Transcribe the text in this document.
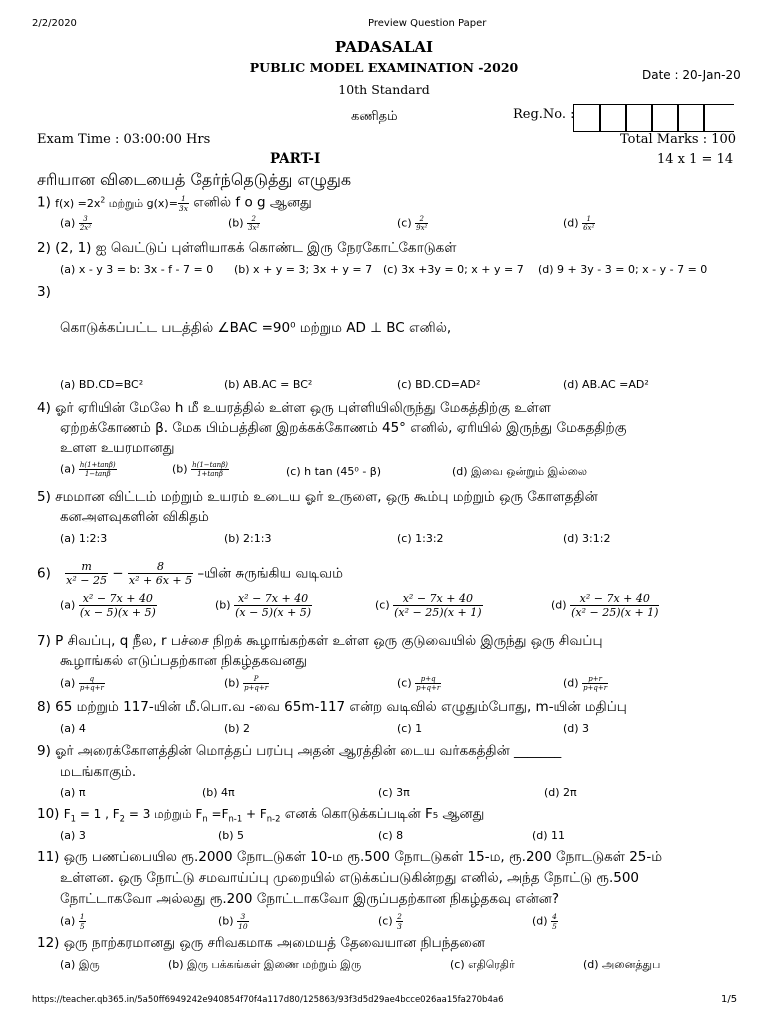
2/2/2020	Preview Question Paper
PADASALAI
PUBLIC MODEL EXAMINATION -2020	Date : 20-Jan-20
10th Standard
கணிதம்	Reg.No. :
Exam Time : 03:00:00 Hrs	Total Marks : 100
PART-I	14 x 1 = 14
சரியான விடையைத் தேர்ந்தெடுத்து எழுதுக
1) $f(x) =2x^2$ மற்றும் $g(x)= \frac{1}{3x}$ எனில் f o g ஆனது
$(a) \frac{3}{\text{2x²}}$	$(b) \frac{2}{\text{3x²}}$	$(c) \frac{2}{\text{9x²}}$	$(d) \frac{1}{\text{6x²}}$
2) (2, 1) ஐ வெட்டுப் புள்ளியாகக் கொண்ட இரு நேரகோட்கோடுகள்
(a) x - y 3 = b: 3x - f - 7 = 0 (b) x + y = 3; 3x + y = 7 (c) 3x +3y = 0; x + y = 7 (d) 9 + 3y - 3 = 0; x - y - 7 = 0
3)
கொடுக்கப்பட்ட படத்தில் ∠BAC =90⁰ மற்றும AD ⊥ BC எனில்,
(a) BD.CD=BC²	(b) AB.AC = BC²	(c) BD.CD=AD²	(d) AB.AC =AD²
4) ஓர் ஏரியின் மேலே h மீ உயரத்தில் உள்ள ஒரு புள்ளியிலிருந்து மேகத்திற்கு உள்ள
ஏற்றக்கோணம் β. மேக பிம்பத்தின இறக்கக்கோணம் 45° எனில், ஏரியில் இருந்து மேகததிற்கு
உளள உயரமானது
$(a) \frac{h(1+\tan\beta)}{1-\tan\beta}$	$(b) \frac{h(1-\tan\beta)}{1+\tan\beta}$	(c) h tan (45⁰ - β)	(d) இவை ஒன்றும் இல்லை
5) சமமான விட்டம் மற்றும் உயரம் உடைய ஓர் உருளை, ஒரு கூம்பு மற்றும் ஒரு கோளததின்
கனஅளவுகளின் விகிதம்
(a) 1:2:3	(b) 2:1:3	(c) 1:3:2	(d) 3:1:2
$6) \frac{m}{\text{x² − 25}} - \frac{8}{\text{x² + 6x + 5}}$ –யின் சுருங்கிய வடிவம்
$(a) \frac{\text{x² − 7x + 40}}{(x - 5)(x + 5)}$	$(b) \frac{\text{x² − 7x + 40}}{(x - 5)(x + 5)}$	$(c) \frac{\text{x² − 7x + 40}}{\text{(x² − 25)(x + 1)}}$	$(d) \frac{\text{x² − 7x + 40}}{\text{(x² − 25)(x + 1)}}$
7) P சிவப்பு, q நீல, r பச்சை நிறக் கூழாங்கற்கள் உள்ள ஒரு குடுவையில் இருந்து ஒரு சிவப்பு
கூழாங்கல் எடுப்பதற்கான நிகழ்தகவனது
$(a) \frac{q}{p+q+r}$	$(b) \frac{P}{p+q+r}$	$(c) \frac{p+q}{p+q+r}$	$(d) \frac{p+r}{p+q+r}$
8) 65 மற்றும் 117-யின் மீ.பொ.வ -வை 65m-117 என்ற வடிவில் எழுதும்போது, m-யின் மதிப்பு
(a) 4	(b) 2	(c) 1	(d) 3
9) ஓர் அரைக்கோளத்தின் மொத்தப் பரப்பு அதன் ஆரத்தின் டைய வர்ககத்தின் _______
மடங்காகும்.
(a) π	(b) 4π	(c) 3π	(d) 2π
10) $F_1 = 1$ , $F_2 = 3$ மற்றும் $F_n =F_{n-1} + F_{n-2}$ எனக் கொடுக்கப்படின் F₅ ஆனது
(a) 3	(b) 5	(c) 8	(d) 11
11) ஒரு பணப்பையில ரூ.2000 நோடடுகள் 10-ம ரூ.500 நோடடுகள் 15-ம, ரூ.200 நோடடுகள் 25-ம்
உள்ளன. ஒரு நோட்டு சமவாய்ப்பு முறையில் எடுக்கப்படுகின்றது எனில், அந்த நோட்டு ரூ.500
நோட்டாகவோ அல்லது ரூ.200 நோட்டாகவோ இருப்பதற்கான நிகழ்தகவு என்ன?
$(a) \frac{1}{5}$	$(b) \frac{3}{10}$	$(c) \frac{2}{3}$	$(d) \frac{4}{5}$
12) ஒரு நாற்கரமானது ஒரு சரிவகமாக அமையத் தேவையான நிபந்தனை
(a) இரு	(b) இரு பக்கங்கள் இணை மற்றும் இரு	(c) எதிரெதிர்	(d) அனைத்துப
https://teacher.qb365.in/5a50ff6949242e940854f70f4a117d80/125863/93f3d5d29ae4bcce026aa15fa270b4a6	1/5
